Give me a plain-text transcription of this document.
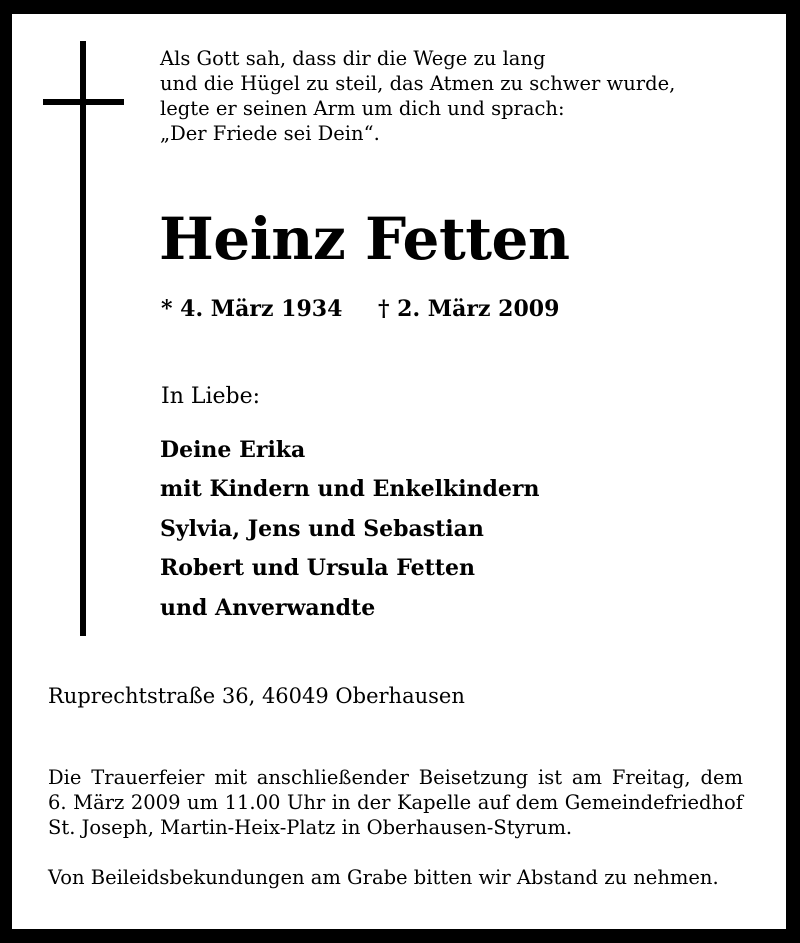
Als Gott sah, dass dir die Wege zu lang
und die Hügel zu steil, das Atmen zu schwer wurde,
legte er seinen Arm um dich und sprach:
„Der Friede sei Dein“.
Heinz Fetten
* 4. März 1934 † 2. März 2009
In Liebe:
Deine Erika
mit Kindern und Enkelkindern
Sylvia, Jens und Sebastian
Robert und Ursula Fetten
und Anverwandte
Ruprechtstraße 36, 46049 Oberhausen
Die Trauerfeier mit anschließender Beisetzung ist am Freitag, dem
6. März 2009 um 11.00 Uhr in der Kapelle auf dem Gemeindefriedhof
St. Joseph, Martin-Heix-Platz in Oberhausen-Styrum.
Von Beileidsbekundungen am Grabe bitten wir Abstand zu nehmen.
